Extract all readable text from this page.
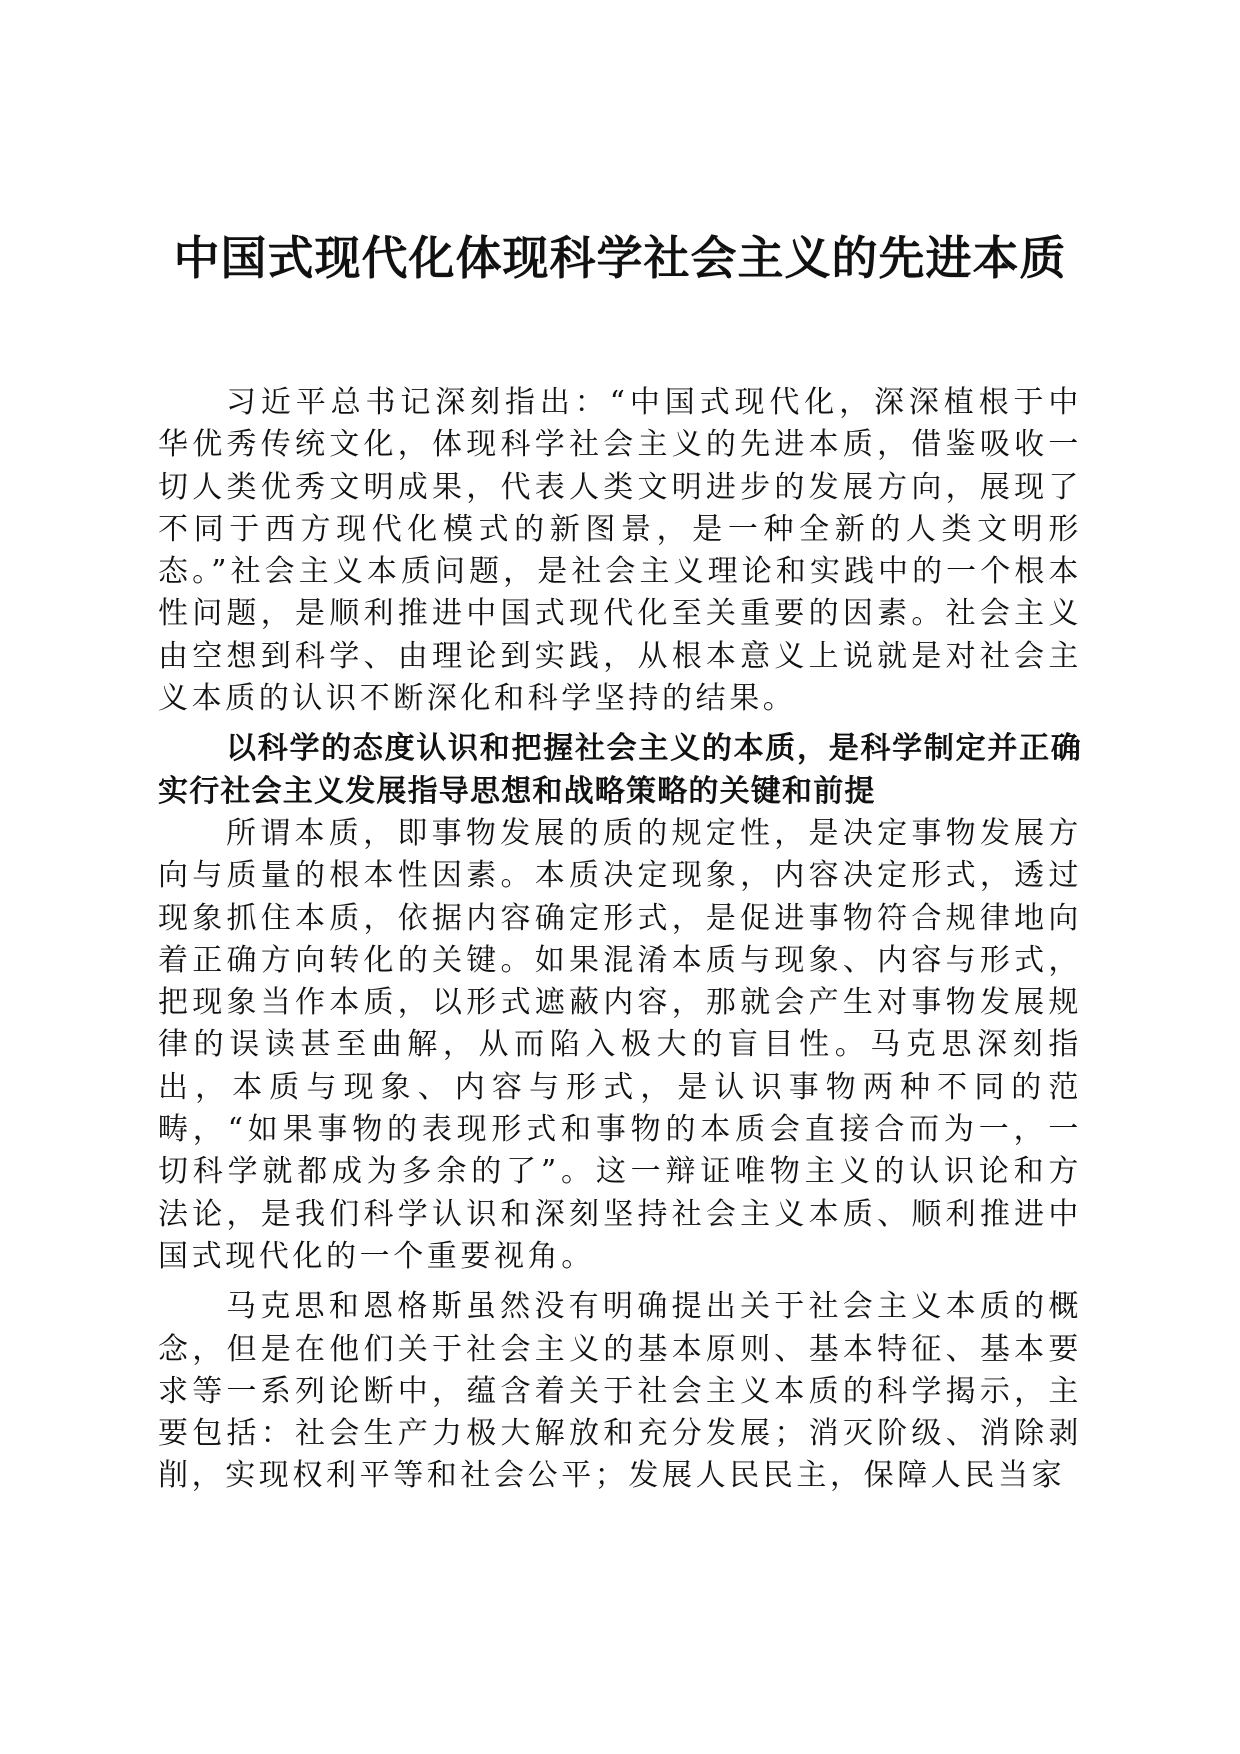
中国式现代化体现科学社会主义的先进本质

习近平总书记深刻指出：“中国式现代化，深深植根于中华优秀传统文化，体现科学社会主义的先进本质，借鉴吸收一切人类优秀文明成果，代表人类文明进步的发展方向，展现了不同于西方现代化模式的新图景，是一种全新的人类文明形态。”社会主义本质问题，是社会主义理论和实践中的一个根本性问题，是顺利推进中国式现代化至关重要的因素。社会主义由空想到科学、由理论到实践，从根本意义上说就是对社会主义本质的认识不断深化和科学坚持的结果。

以科学的态度认识和把握社会主义的本质，是科学制定并正确实行社会主义发展指导思想和战略策略的关键和前提

所谓本质，即事物发展的质的规定性，是决定事物发展方向与质量的根本性因素。本质决定现象，内容决定形式，透过现象抓住本质，依据内容确定形式，是促进事物符合规律地向着正确方向转化的关键。如果混淆本质与现象、内容与形式，把现象当作本质，以形式遮蔽内容，那就会产生对事物发展规律的误读甚至曲解，从而陷入极大的盲目性。马克思深刻指出，本质与现象、内容与形式，是认识事物两种不同的范畴，“如果事物的表现形式和事物的本质会直接合而为一，一切科学就都成为多余的了”。这一辩证唯物主义的认识论和方法论，是我们科学认识和深刻坚持社会主义本质、顺利推进中国式现代化的一个重要视角。

马克思和恩格斯虽然没有明确提出关于社会主义本质的概念，但是在他们关于社会主义的基本原则、基本特征、基本要求等一系列论断中，蕴含着关于社会主义本质的科学揭示，主要包括：社会生产力极大解放和充分发展；消灭阶级、消除剥削，实现权利平等和社会公平；发展人民民主，保障人民当家
